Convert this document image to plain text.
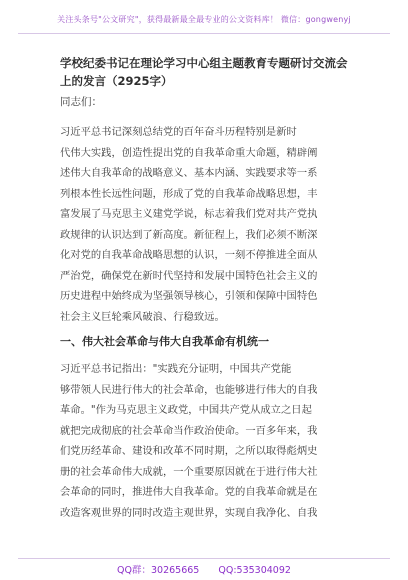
关注头条号"公文研究"，获得最新最全最专业的公文资料库！ 微信：gongwenyj
学校纪委书记在理论学习中心组主题教育专题研讨交流会
上的发言（2925字）

同志们：

习近平总书记深刻总结党的百年奋斗历程特别是新时
代伟大实践，创造性提出党的自我革命重大命题，精辟阐
述伟大自我革命的战略意义、基本内涵、实践要求等一系
列根本性长远性问题，形成了党的自我革命战略思想，丰
富发展了马克思主义建党学说，标志着我们党对共产党执
政规律的认识达到了新高度。新征程上，我们必须不断深
化对党的自我革命战略思想的认识，一刻不停推进全面从
严治党，确保党在新时代坚持和发展中国特色社会主义的
历史进程中始终成为坚强领导核心，引领和保障中国特色
社会主义巨轮乘风破浪、行稳致远。

一、伟大社会革命与伟大自我革命有机统一

习近平总书记指出："实践充分证明，中国共产党能
够带领人民进行伟大的社会革命，也能够进行伟大的自我
革命。"作为马克思主义政党，中国共产党从成立之日起
就把完成彻底的社会革命当作政治使命。一百多年来，我
们党历经革命、建设和改革不同时期，之所以取得彪炳史
册的社会革命伟大成就，一个重要原因就在于进行伟大社
会革命的同时，推进伟大自我革命。党的自我革命就是在
改造客观世界的同时改造主观世界，实现自我净化、自我

QQ群：30265665 QQ:535304092
